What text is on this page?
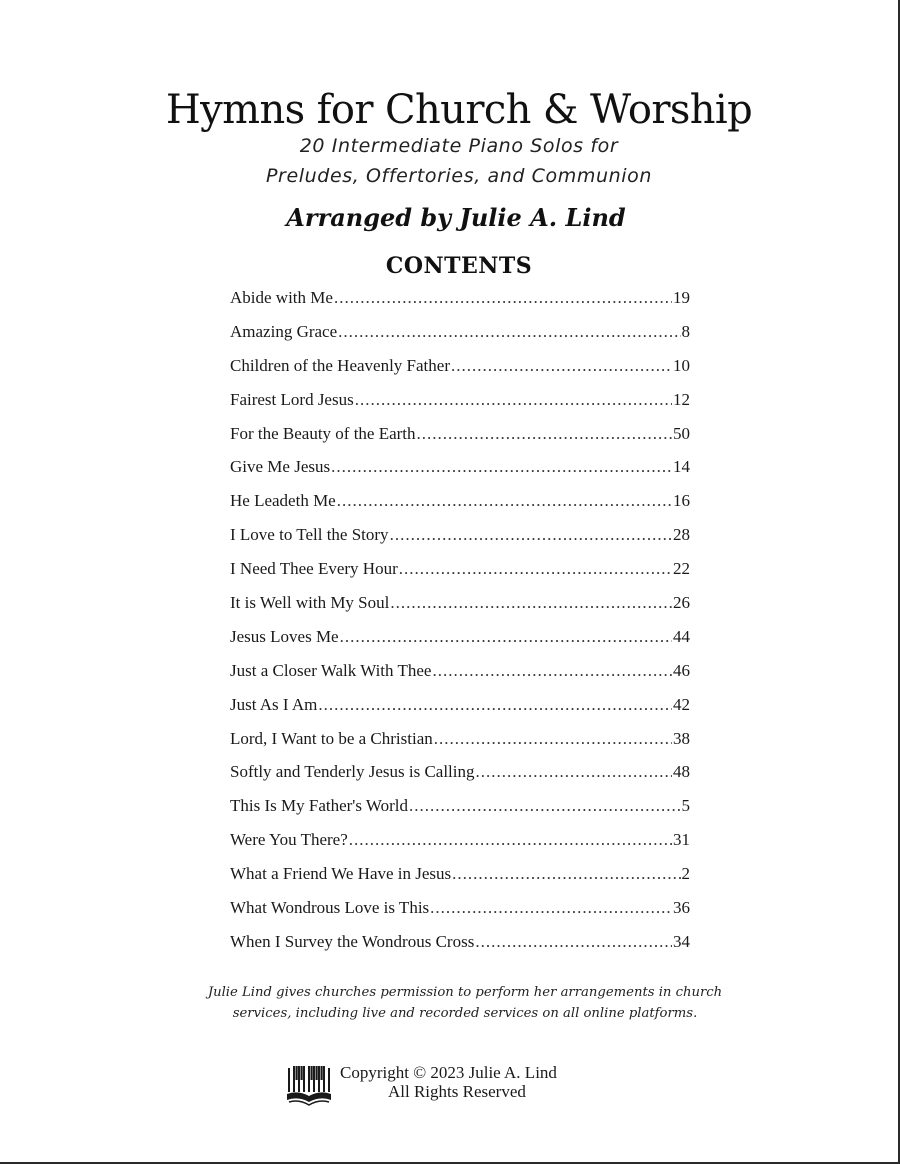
Hymns for Church & Worship
20 Intermediate Piano Solos for
Preludes, Offertories, and Communion
Arranged by Julie A. Lind
CONTENTS
Abide with Me .....	19
Amazing Grace .....	8
Children of the Heavenly Father .....	10
Fairest Lord Jesus .....	12
For the Beauty of the Earth .....	50
Give Me Jesus .....	14
He Leadeth Me .....	16
I Love to Tell the Story .....	28
I Need Thee Every Hour .....	22
It is Well with My Soul .....	26
Jesus Loves Me .....	44
Just a Closer Walk With Thee .....	46
Just As I Am .....	42
Lord, I Want to be a Christian .....	38
Softly and Tenderly Jesus is Calling .....	48
This Is My Father's World .....	5
Were You There? .....	31
What a Friend We Have in Jesus .....	2
What Wondrous Love is This .....	36
When I Survey the Wondrous Cross .....	34
Julie Lind gives churches permission to perform her arrangements in church
services, including live and recorded services on all online platforms.
Copyright © 2023 Julie A. Lind
All Rights Reserved
